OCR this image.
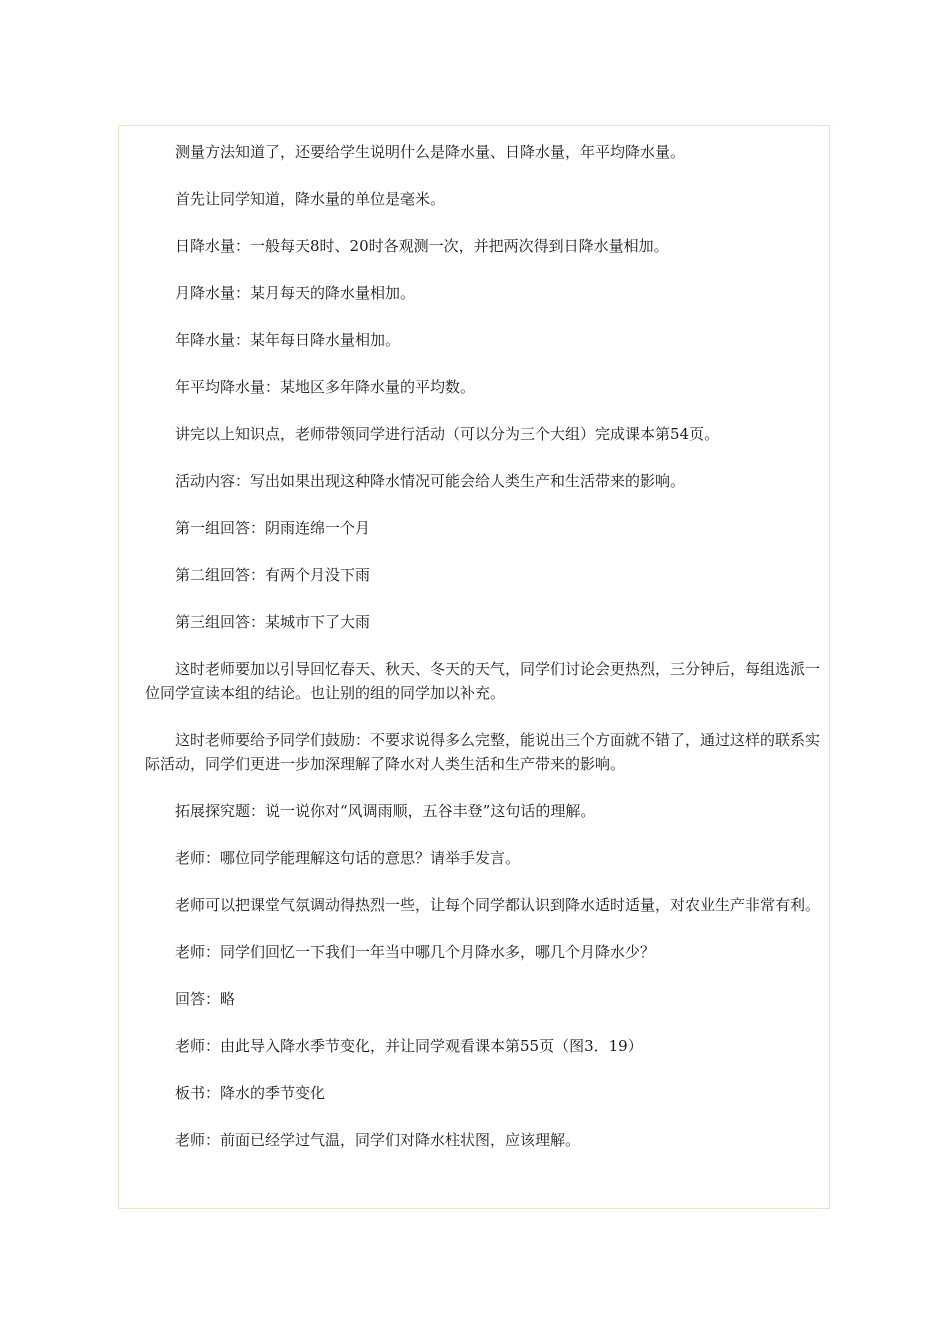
测量方法知道了，还要给学生说明什么是降水量、日降水量，年平均降水量。

首先让同学知道，降水量的单位是毫米。

日降水量：一般每天8时、20时各观测一次，并把两次得到日降水量相加。

月降水量：某月每天的降水量相加。

年降水量：某年每日降水量相加。

年平均降水量：某地区多年降水量的平均数。

讲完以上知识点，老师带领同学进行活动（可以分为三个大组）完成课本第54页。

活动内容：写出如果出现这种降水情况可能会给人类生产和生活带来的影响。

第一组回答：阴雨连绵一个月

第二组回答：有两个月没下雨

第三组回答：某城市下了大雨

这时老师要加以引导回忆春天、秋天、冬天的天气，同学们讨论会更热烈，三分钟后，每组选派一位同学宣读本组的结论。也让别的组的同学加以补充。

这时老师要给予同学们鼓励：不要求说得多么完整，能说出三个方面就不错了，通过这样的联系实际活动，同学们更进一步加深理解了降水对人类生活和生产带来的影响。

拓展探究题：说一说你对“风调雨顺，五谷丰登”这句话的理解。

老师：哪位同学能理解这句话的意思？请举手发言。

老师可以把课堂气氛调动得热烈一些，让每个同学都认识到降水适时适量，对农业生产非常有利。

老师：同学们回忆一下我们一年当中哪几个月降水多，哪几个月降水少？

回答：略

老师：由此导入降水季节变化，并让同学观看课本第55页（图3．19）

板书：降水的季节变化

老师：前面已经学过气温，同学们对降水柱状图，应该理解。
